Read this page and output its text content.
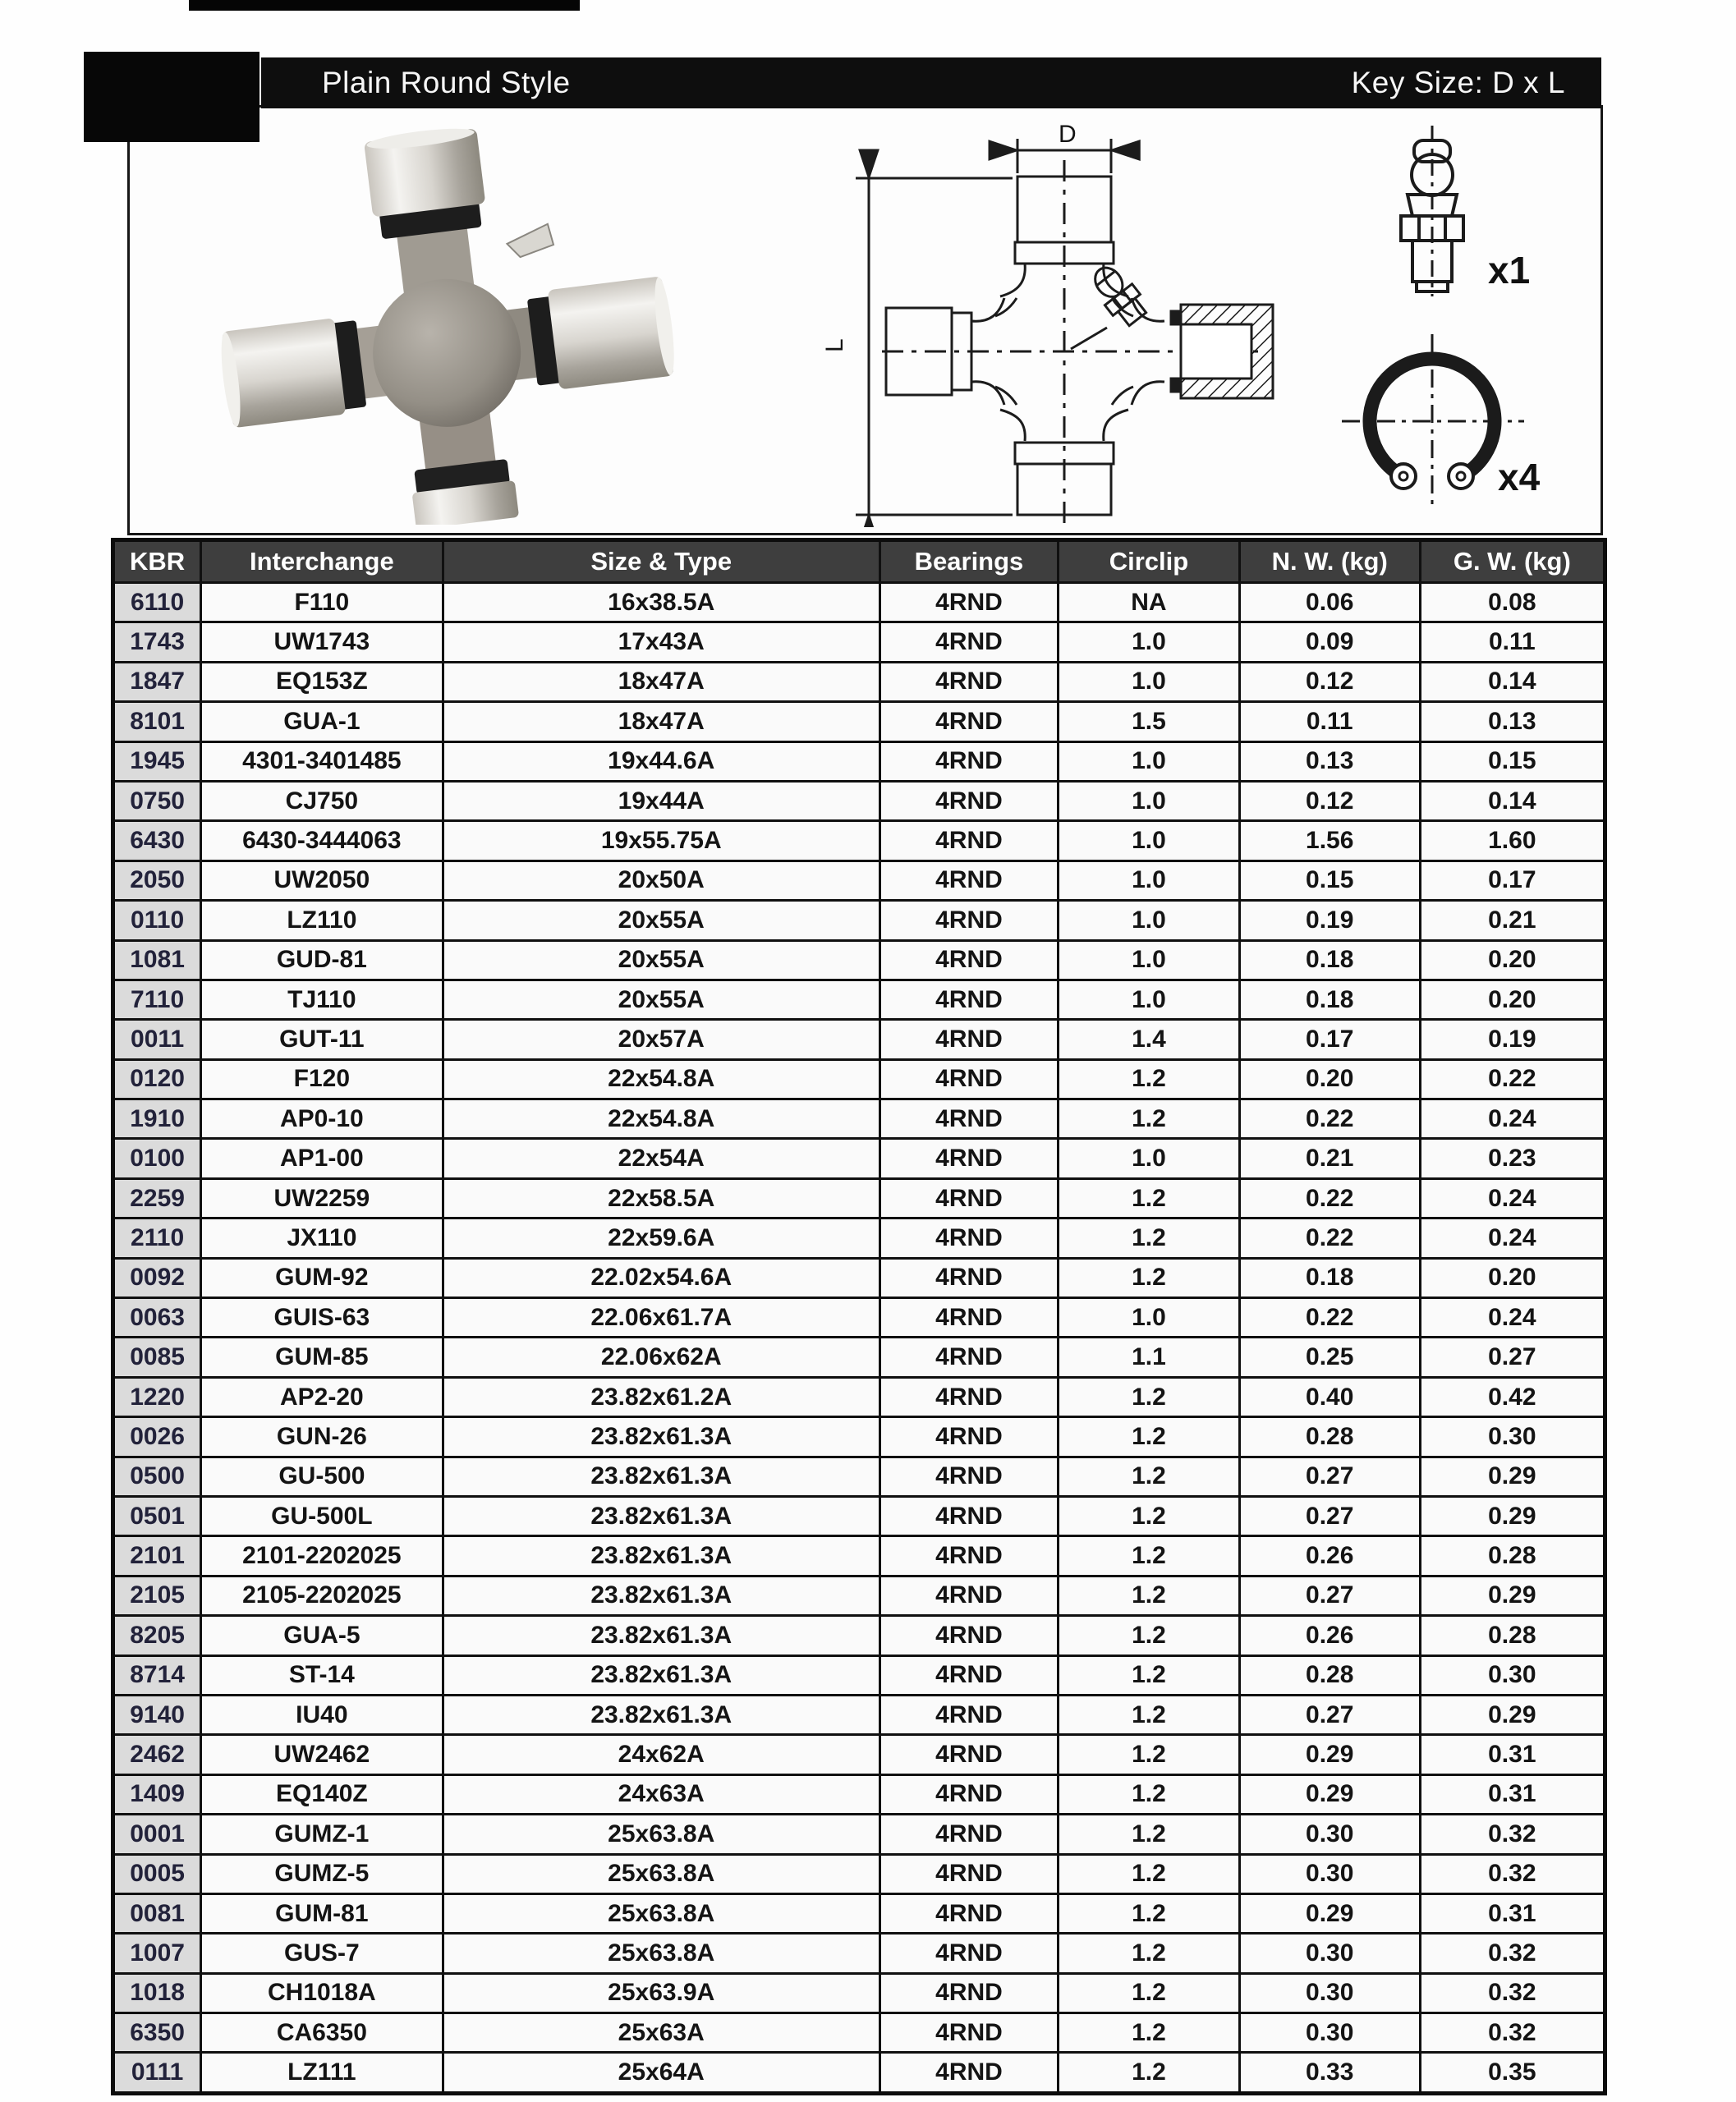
Plain Round Style	Key Size: D x L
D
L
x1
x4
KBR	Interchange	Size & Type	Bearings	Circlip	N. W. (kg)	G. W. (kg)
6110	F110	16x38.5A	4RND	NA	0.06	0.08
1743	UW1743	17x43A	4RND	1.0	0.09	0.11
1847	EQ153Z	18x47A	4RND	1.0	0.12	0.14
8101	GUA-1	18x47A	4RND	1.5	0.11	0.13
1945	4301-3401485	19x44.6A	4RND	1.0	0.13	0.15
0750	CJ750	19x44A	4RND	1.0	0.12	0.14
6430	6430-3444063	19x55.75A	4RND	1.0	1.56	1.60
2050	UW2050	20x50A	4RND	1.0	0.15	0.17
0110	LZ110	20x55A	4RND	1.0	0.19	0.21
1081	GUD-81	20x55A	4RND	1.0	0.18	0.20
7110	TJ110	20x55A	4RND	1.0	0.18	0.20
0011	GUT-11	20x57A	4RND	1.4	0.17	0.19
0120	F120	22x54.8A	4RND	1.2	0.20	0.22
1910	AP0-10	22x54.8A	4RND	1.2	0.22	0.24
0100	AP1-00	22x54A	4RND	1.0	0.21	0.23
2259	UW2259	22x58.5A	4RND	1.2	0.22	0.24
2110	JX110	22x59.6A	4RND	1.2	0.22	0.24
0092	GUM-92	22.02x54.6A	4RND	1.2	0.18	0.20
0063	GUIS-63	22.06x61.7A	4RND	1.0	0.22	0.24
0085	GUM-85	22.06x62A	4RND	1.1	0.25	0.27
1220	AP2-20	23.82x61.2A	4RND	1.2	0.40	0.42
0026	GUN-26	23.82x61.3A	4RND	1.2	0.28	0.30
0500	GU-500	23.82x61.3A	4RND	1.2	0.27	0.29
0501	GU-500L	23.82x61.3A	4RND	1.2	0.27	0.29
2101	2101-2202025	23.82x61.3A	4RND	1.2	0.26	0.28
2105	2105-2202025	23.82x61.3A	4RND	1.2	0.27	0.29
8205	GUA-5	23.82x61.3A	4RND	1.2	0.26	0.28
8714	ST-14	23.82x61.3A	4RND	1.2	0.28	0.30
9140	IU40	23.82x61.3A	4RND	1.2	0.27	0.29
2462	UW2462	24x62A	4RND	1.2	0.29	0.31
1409	EQ140Z	24x63A	4RND	1.2	0.29	0.31
0001	GUMZ-1	25x63.8A	4RND	1.2	0.30	0.32
0005	GUMZ-5	25x63.8A	4RND	1.2	0.30	0.32
0081	GUM-81	25x63.8A	4RND	1.2	0.29	0.31
1007	GUS-7	25x63.8A	4RND	1.2	0.30	0.32
1018	CH1018A	25x63.9A	4RND	1.2	0.30	0.32
6350	CA6350	25x63A	4RND	1.2	0.30	0.32
0111	LZ111	25x64A	4RND	1.2	0.33	0.35
